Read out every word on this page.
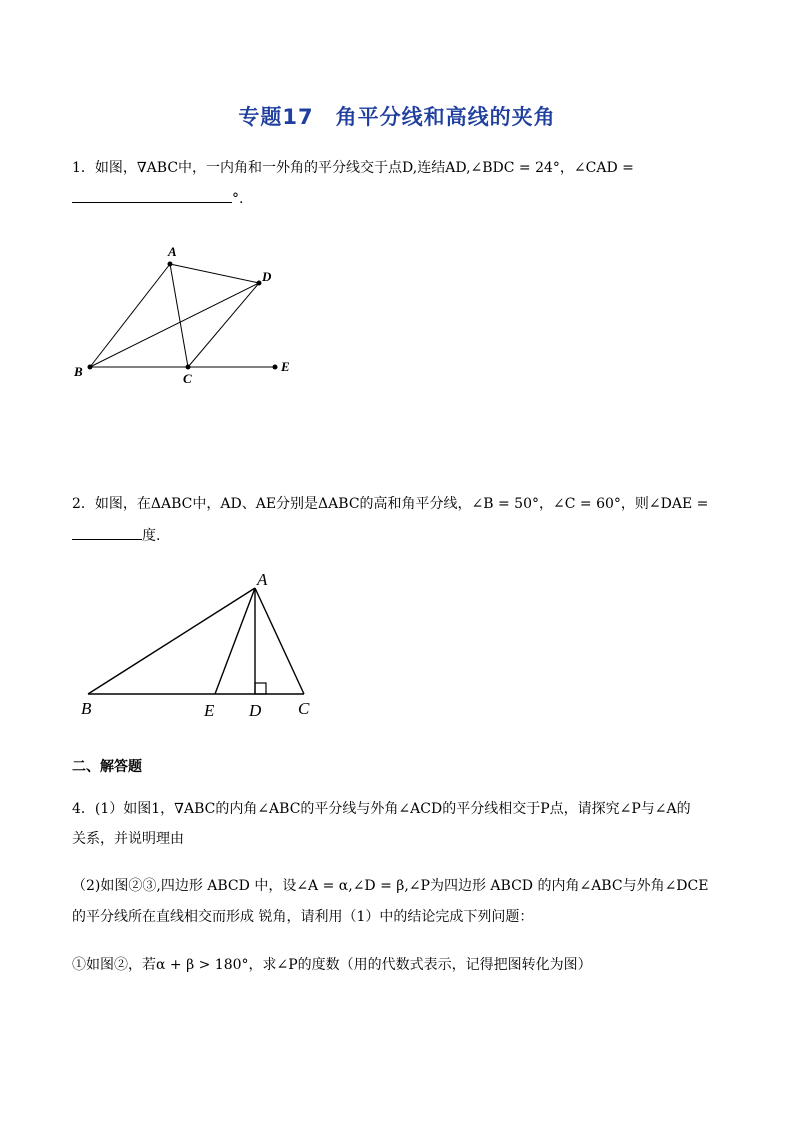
专题17　角平分线和高线的夹角

1．如图，∇ABC中，一内角和一外角的平分线交于点D,连结AD,∠BDC = 24°，∠CAD =

°.
A
D
B	C
E

2．如图，在ΔABC中，AD、AE分别是ΔABC的高和角平分线，∠B = 50°，∠C = 60°，则∠DAE =

度.
A
B	E D C

二、解答题

4．(1）如图1，∇ABC的内角∠ABC的平分线与外角∠ACD的平分线相交于P点，请探究∠P与∠A的

关系，并说明理由

（2)如图②③,四边形 ABCD 中，设∠A = α,∠D = β,∠P为四边形 ABCD 的内角∠ABC与外角∠DCE

的平分线所在直线相交而形成 锐角，请利用（1）中的结论完成下列问题：

①如图②，若α + β > 180°，求∠P的度数（用的代数式表示，记得把图转化为图）
